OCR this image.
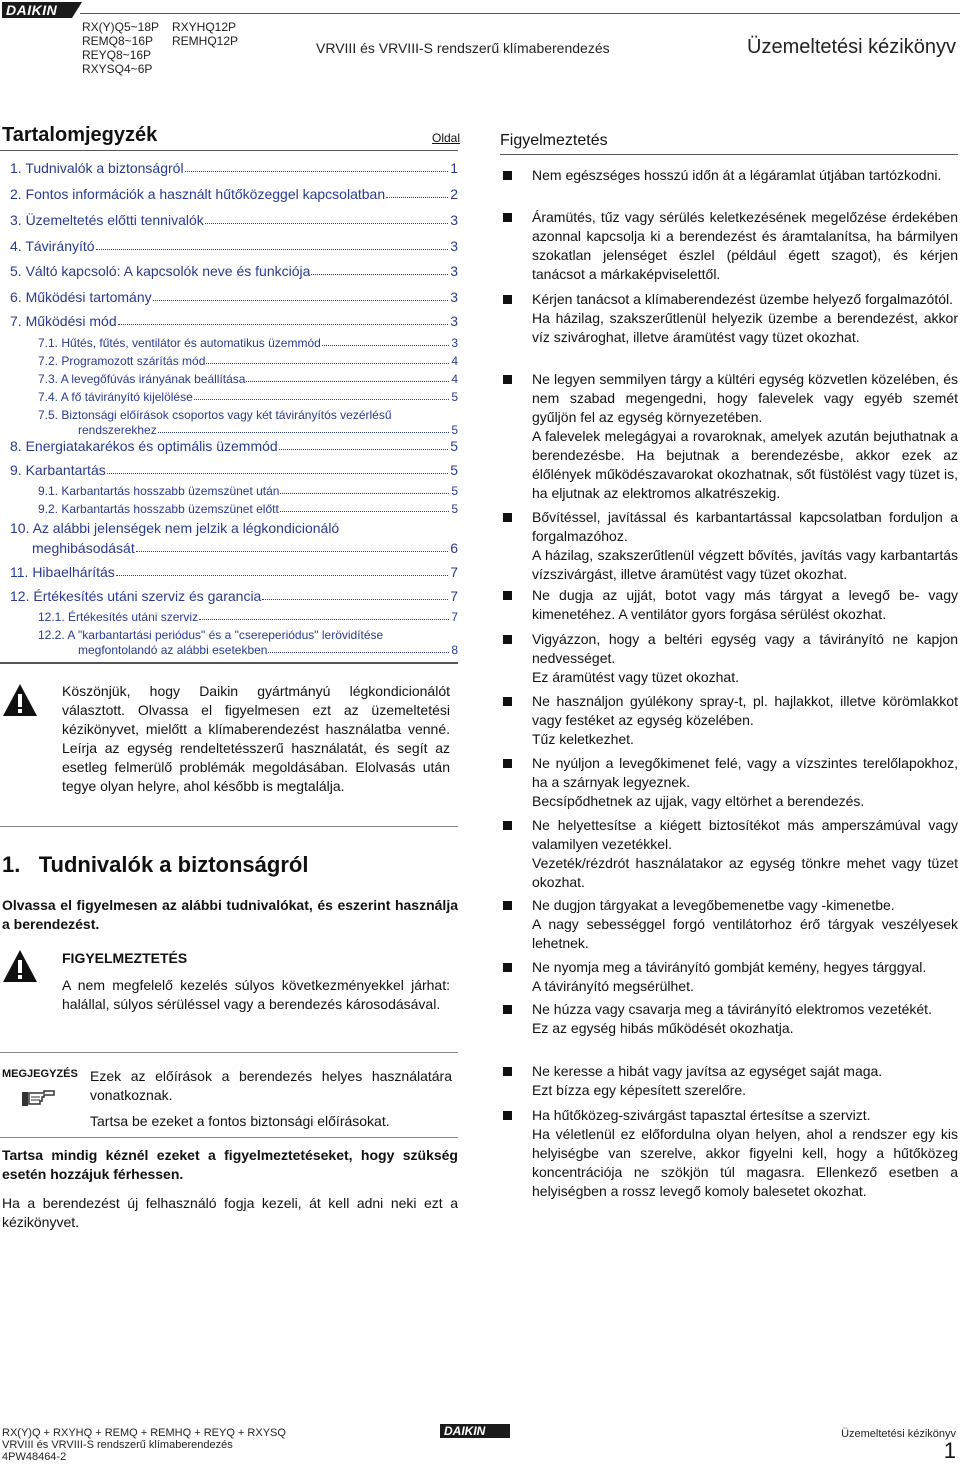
DAIKIN
RX(Y)Q5~18P
REMQ8~16P
REYQ8~16P
RXYSQ4~6P
RXYHQ12P
REMHQ12P	VRVIII és VRVIII-S rendszerű klímaberendezés	Üzemeltetési kézikönyv
Tartalomjegyzék	Oldal
1. Tudnivalók a biztonságról	1
2. Fontos információk a használt hűtőközeggel kapcsolatban	2
3. Üzemeltetés előtti tennivalók	3
4. Távirányító	3
5. Váltó kapcsoló: A kapcsolók neve és funkciója	3
6. Működési tartomány	3
7. Működési mód	3
7.1. Hűtés, fűtés, ventilátor és automatikus üzemmód	3
7.2. Programozott szárítás mód	4
7.3. A levegőfúvás irányának beállítása	4
7.4. A fő távirányító kijelölése	5
7.5. Biztonsági előírások csoportos vagy két távirányítós vezérlésű
rendszerekhez	5
8. Energiatakarékos és optimális üzemmód	5
9. Karbantartás	5
9.1. Karbantartás hosszabb üzemszünet után	5
9.2. Karbantartás hosszabb üzemszünet előtt	5
10. Az alábbi jelenségek nem jelzik a légkondicionáló
meghibásodását	6
11. Hibaelhárítás	7
12. Értékesítés utáni szerviz és garancia	7
12.1. Értékesítés utáni szerviz	7
12.2. A "karbantartási periódus" és a "csereperiódus" lerövidítése
megfontolandó az alábbi esetekben	8
Köszönjük, hogy Daikin gyártmányú légkondicionálót választott. Olvassa el figyelmesen ezt az üzemeltetési kézikönyvet, mielőtt a klímaberendezést használatba venné. Leírja az egység rendeltetésszerű használatát, és segít az esetleg felmerülő problémák megoldásában. Elolvasás után tegye olyan helyre, ahol később is megtalálja.
1. Tudnivalók a biztonságról
Olvassa el figyelmesen az alábbi tudnivalókat, és eszerint használja a berendezést.
FIGYELMEZTETÉS
A nem megfelelő kezelés súlyos következményekkel járhat: halállal, súlyos sérüléssel vagy a berendezés károsodásával.
MEGJEGYZÉS Ezek az előírások a berendezés helyes használatára vonatkoznak.
Tartsa be ezeket a fontos biztonsági előírásokat.
Tartsa mindig kéznél ezeket a figyelmeztetéseket, hogy szükség esetén hozzájuk férhessen.
Ha a berendezést új felhasználó fogja kezeli, át kell adni neki ezt a kézikönyvet.
Figyelmeztetés
Nem egészséges hosszú időn át a légáramlat útjában tartózkodni.
Áramütés, tűz vagy sérülés keletkezésének megelőzése érdekében azonnal kapcsolja ki a berendezést és áramtalanítsa, ha bármilyen szokatlan jelenséget észlel (például égett szagot), és kérjen tanácsot a márkaképviselettől.
Kérjen tanácsot a klímaberendezést üzembe helyező forgalmazótól.
Ha házilag, szakszerűtlenül helyezik üzembe a berendezést, akkor víz szivároghat, illetve áramütést vagy tüzet okozhat.
Ne legyen semmilyen tárgy a kültéri egység közvetlen közelében, és nem szabad megengedni, hogy falevelek vagy egyéb szemét gyűljön fel az egység környezetében.
A falevelek melegágyai a rovaroknak, amelyek azután bejuthatnak a berendezésbe. Ha bejutnak a berendezésbe, akkor ezek az élőlények működészavarokat okozhatnak, sőt füstölést vagy tüzet is, ha eljutnak az elektromos alkatrészekig.
Bővítéssel, javítással és karbantartással kapcsolatban forduljon a forgalmazóhoz.
A házilag, szakszerűtlenül végzett bővítés, javítás vagy karbantartás vízszivárgást, illetve áramütést vagy tüzet okozhat.
Ne dugja az ujját, botot vagy más tárgyat a levegő be- vagy kimenetéhez. A ventilátor gyors forgása sérülést okozhat.
Vigyázzon, hogy a beltéri egység vagy a távirányító ne kapjon nedvességet.
Ez áramütést vagy tüzet okozhat.
Ne használjon gyúlékony spray-t, pl. hajlakkot, illetve körömlakkot vagy festéket az egység közelében.
Tűz keletkezhet.
Ne nyúljon a levegőkimenet felé, vagy a vízszintes terelőlapokhoz, ha a szárnyak legyeznek.
Becsípődhetnek az ujjak, vagy eltörhet a berendezés.
Ne helyettesítse a kiégett biztosítékot más amperszámúval vagy valamilyen vezetékkel.
Vezeték/rézdrót használatakor az egység tönkre mehet vagy tüzet okozhat.
Ne dugjon tárgyakat a levegőbemenetbe vagy -kimenetbe.
A nagy sebességgel forgó ventilátorhoz érő tárgyak veszélyesek lehetnek.
Ne nyomja meg a távirányító gombját kemény, hegyes tárggyal.
A távirányító megsérülhet.
Ne húzza vagy csavarja meg a távirányító elektromos vezetékét.
Ez az egység hibás működését okozhatja.
Ne keresse a hibát vagy javítsa az egységet saját maga.
Ezt bízza egy képesített szerelőre.
Ha hűtőközeg-szivárgást tapasztal értesítse a szervizt.
Ha véletlenül ez előfordulna olyan helyen, ahol a rendszer egy kis helyiségbe van szerelve, akkor figyelni kell, hogy a hűtőközeg koncentrációja ne szökjön túl magasra. Ellenkező esetben a helyiségben a rossz levegő komoly balesetet okozhat.
RX(Y)Q + RXYHQ + REMQ + REMHQ + REYQ + RXYSQ
VRVIII és VRVIII-S rendszerű klímaberendezés
4PW48464-2
DAIKIN	Üzemeltetési kézikönyv
1
